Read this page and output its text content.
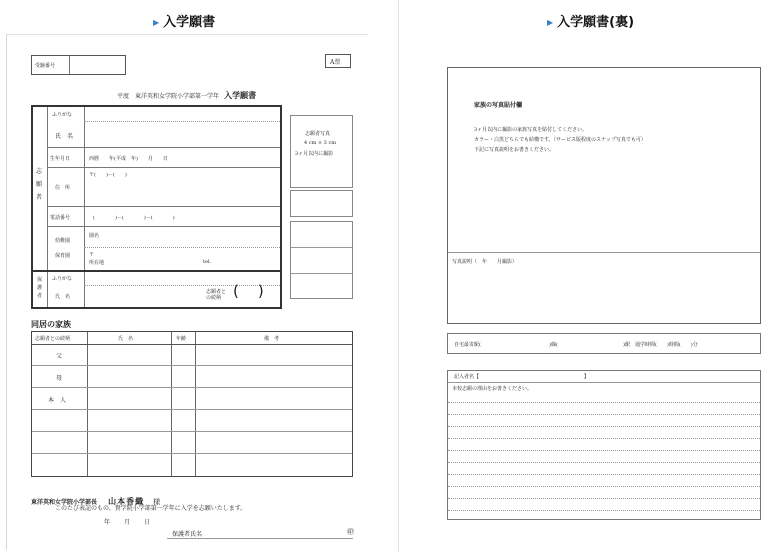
▶ 入学願書	▶ 入学願書(裏)
受験番号	A票
平度　東洋英和女学院小学部第一学年 入学願書
志
願
者
保
護
者
ふりがな
氏　名
生年月日	西暦　　年(平成　年)　　月　　日
住　所
〒(　　)－(　　)
電話番号	(　　　　)－(　　　　)－(　　　　)
幼稚園
保育園
園名
〒
所在地	tel.
ふりがな
氏　名
志願者との続柄 (    )
志願者写真
4 cm × 3 cm
3ヶ月以内に撮影
同居の家族
志願者との続柄	氏　名	年齢	備　考
父
母
本　人
東洋英和女学院小学部長 山本香織 様
このたび表記のもの、貴学院小学部第一学年に入学を志願いたします。
年　月　日
保護者氏名	㊞
家族の写真貼付欄
3ヶ月以内に撮影の家族写真を貼付してください。
カラー・白黒どちらでも結構です。（サービス版程度のスナップ写真でも可）
下記に写真説明をお書きください。
写真説明（　年　　月撮影）
自宅最寄駅(	)線(	)駅　通学時間(　　)時間(　　)分
記入者名【	】
本校志願の理由をお書きください。
